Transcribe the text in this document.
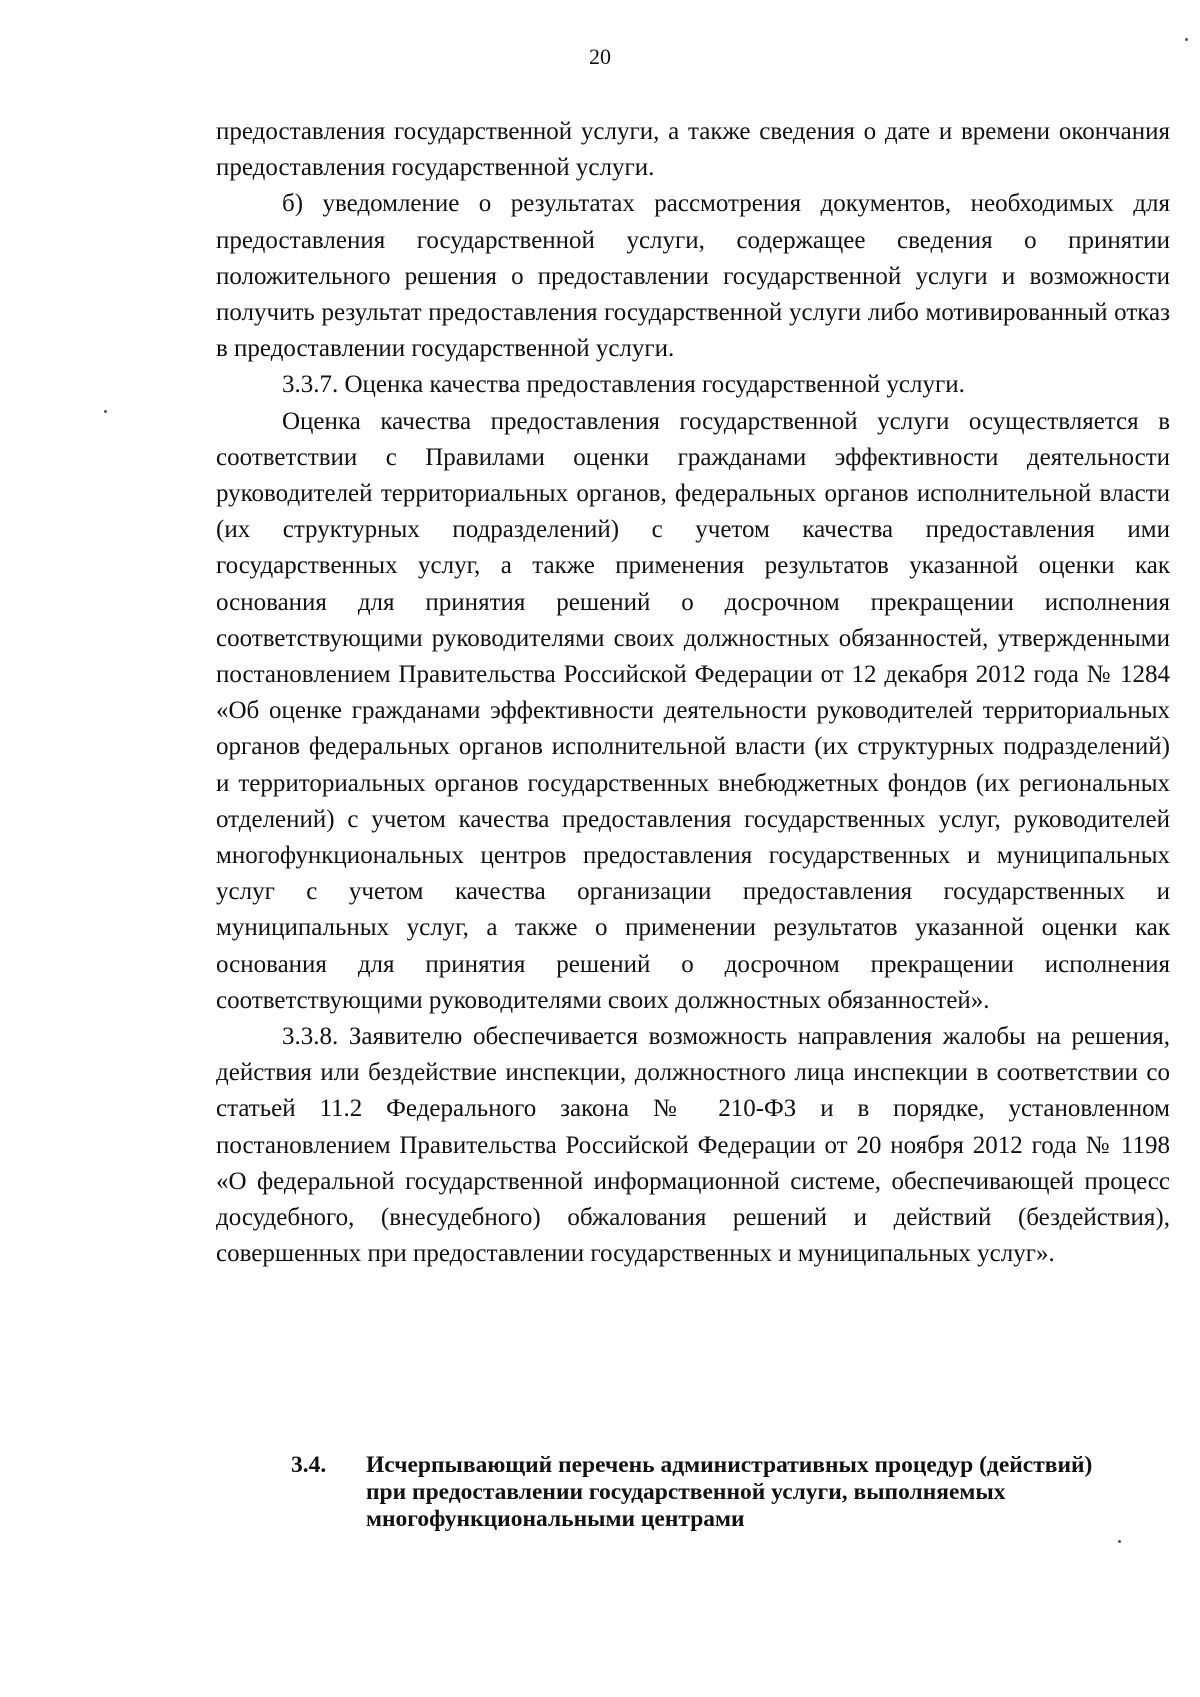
20

предоставления государственной услуги, а также сведения о дате и времени окончания предоставления государственной услуги.

б) уведомление о результатах рассмотрения документов, необходимых для предоставления государственной услуги, содержащее сведения о принятии положительного решения о предоставлении государственной услуги и возможности получить результат предоставления государственной услуги либо мотивированный отказ в предоставлении государственной услуги.

3.3.7. Оценка качества предоставления государственной услуги.

Оценка качества предоставления государственной услуги осуществляется в соответствии с Правилами оценки гражданами эффективности деятельности руководителей территориальных органов, федеральных органов исполнительной власти (их структурных подразделений) с учетом качества предоставления ими государственных услуг, а также применения результатов указанной оценки как основания для принятия решений о досрочном прекращении исполнения соответствующими руководителями своих должностных обязанностей, утвержденными постановлением Правительства Российской Федерации от 12 декабря 2012 года № 1284 «Об оценке гражданами эффективности деятельности руководителей территориальных органов федеральных органов исполнительной власти (их структурных подразделений) и территориальных органов государственных внебюджетных фондов (их региональных отделений) с учетом качества предоставления государственных услуг, руководителей многофункциональных центров предоставления государственных и муниципальных услуг с учетом качества организации предоставления государственных и муниципальных услуг, а также о применении результатов указанной оценки как основания для принятия решений о досрочном прекращении исполнения соответствующими руководителями своих должностных обязанностей».

3.3.8. Заявителю обеспечивается возможность направления жалобы на решения, действия или бездействие инспекции, должностного лица инспекции в соответствии со статьей 11.2 Федерального закона № 210-ФЗ и в порядке, установленном постановлением Правительства Российской Федерации от 20 ноября 2012 года № 1198 «О федеральной государственной информационной системе, обеспечивающей процесс досудебного, (внесудебного) обжалования решений и действий (бездействия), совершенных при предоставлении государственных и муниципальных услуг».

3.4. Исчерпывающий перечень административных процедур (действий) при предоставлении государственной услуги, выполняемых многофункциональными центрами
